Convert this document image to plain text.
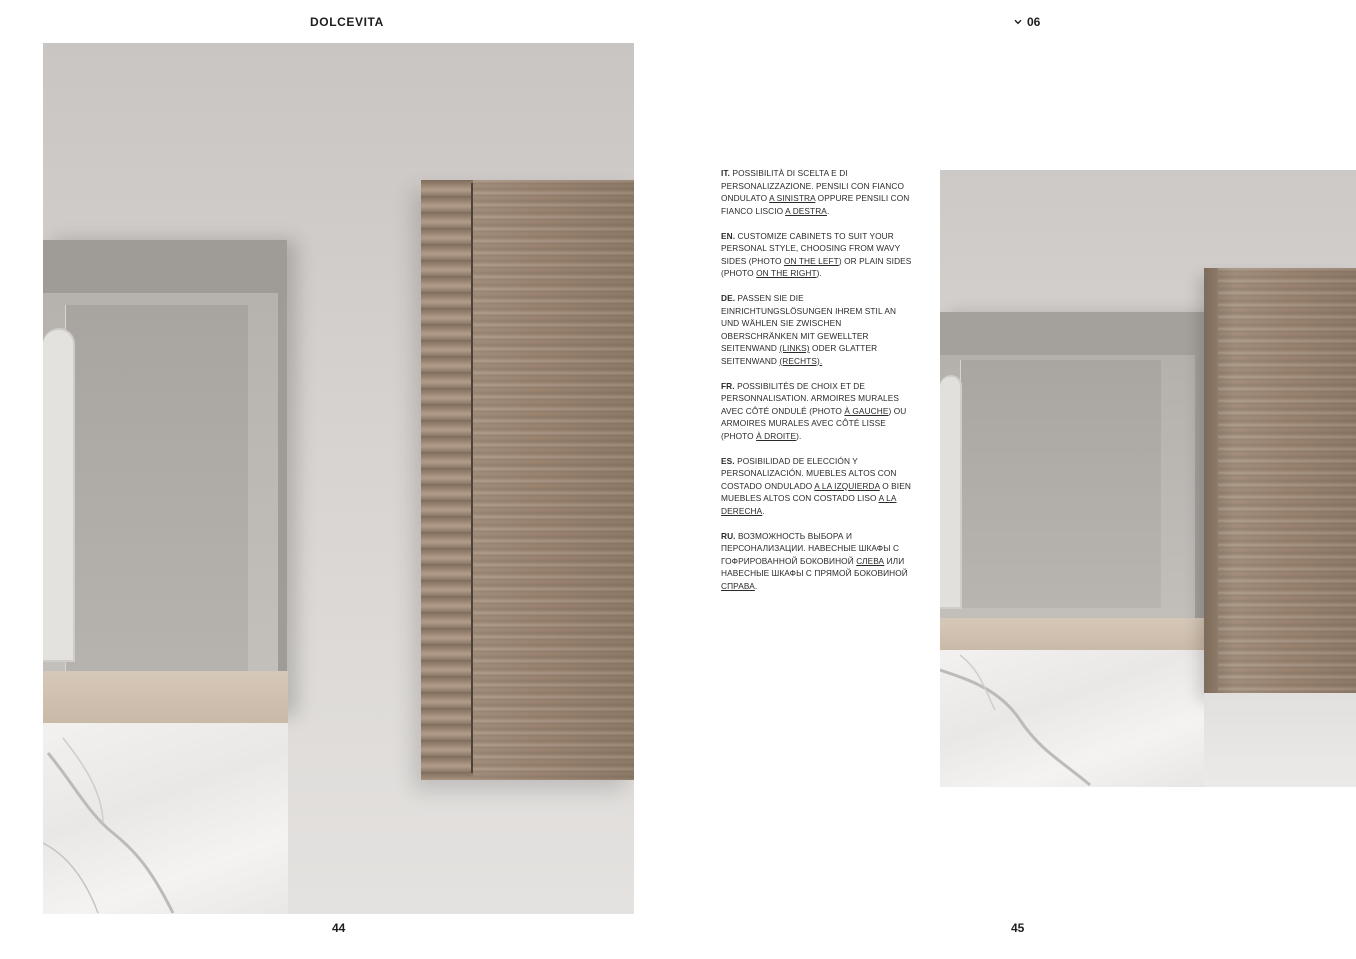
DOLCEVITA	06

IT. POSSIBILITÀ DI SCELTA E DI PERSONALIZZAZIONE. PENSILI CON FIANCO ONDULATO A SINISTRA OPPURE PENSILI CON FIANCO LISCIO A DESTRA.

EN. CUSTOMIZE CABINETS TO SUIT YOUR PERSONAL STYLE, CHOOSING FROM WAVY SIDES (PHOTO ON THE LEFT) OR PLAIN SIDES (PHOTO ON THE RIGHT).

DE. PASSEN SIE DIE EINRICHTUNGSLÖSUNGEN IHREM STIL AN UND WÄHLEN SIE ZWISCHEN OBERSCHRÄNKEN MIT GEWELLTER SEITENWAND (LINKS) ODER GLATTER SEITENWAND (RECHTS).

FR. POSSIBILITÉS DE CHOIX ET DE PERSONNALISATION. ARMOIRES MURALES AVEC CÔTÉ ONDULÉ (PHOTO À GAUCHE) OU ARMOIRES MURALES AVEC CÔTÉ LISSE (PHOTO À DROITE).

ES. POSIBILIDAD DE ELECCIÓN Y PERSONALIZACIÓN. MUEBLES ALTOS CON COSTADO ONDULADO A LA IZQUIERDA O BIEN MUEBLES ALTOS CON COSTADO LISO A LA DERECHA.

RU. ВОЗМОЖНОСТЬ ВЫБОРА И ПЕРСОНАЛИЗАЦИИ. НАВЕСНЫЕ ШКАФЫ С ГОФРИРОВАННОЙ БОКОВИНОЙ СЛЕВА ИЛИ НАВЕСНЫЕ ШКАФЫ С ПРЯМОЙ БОКОВИНОЙ СПРАВА.

44	45
